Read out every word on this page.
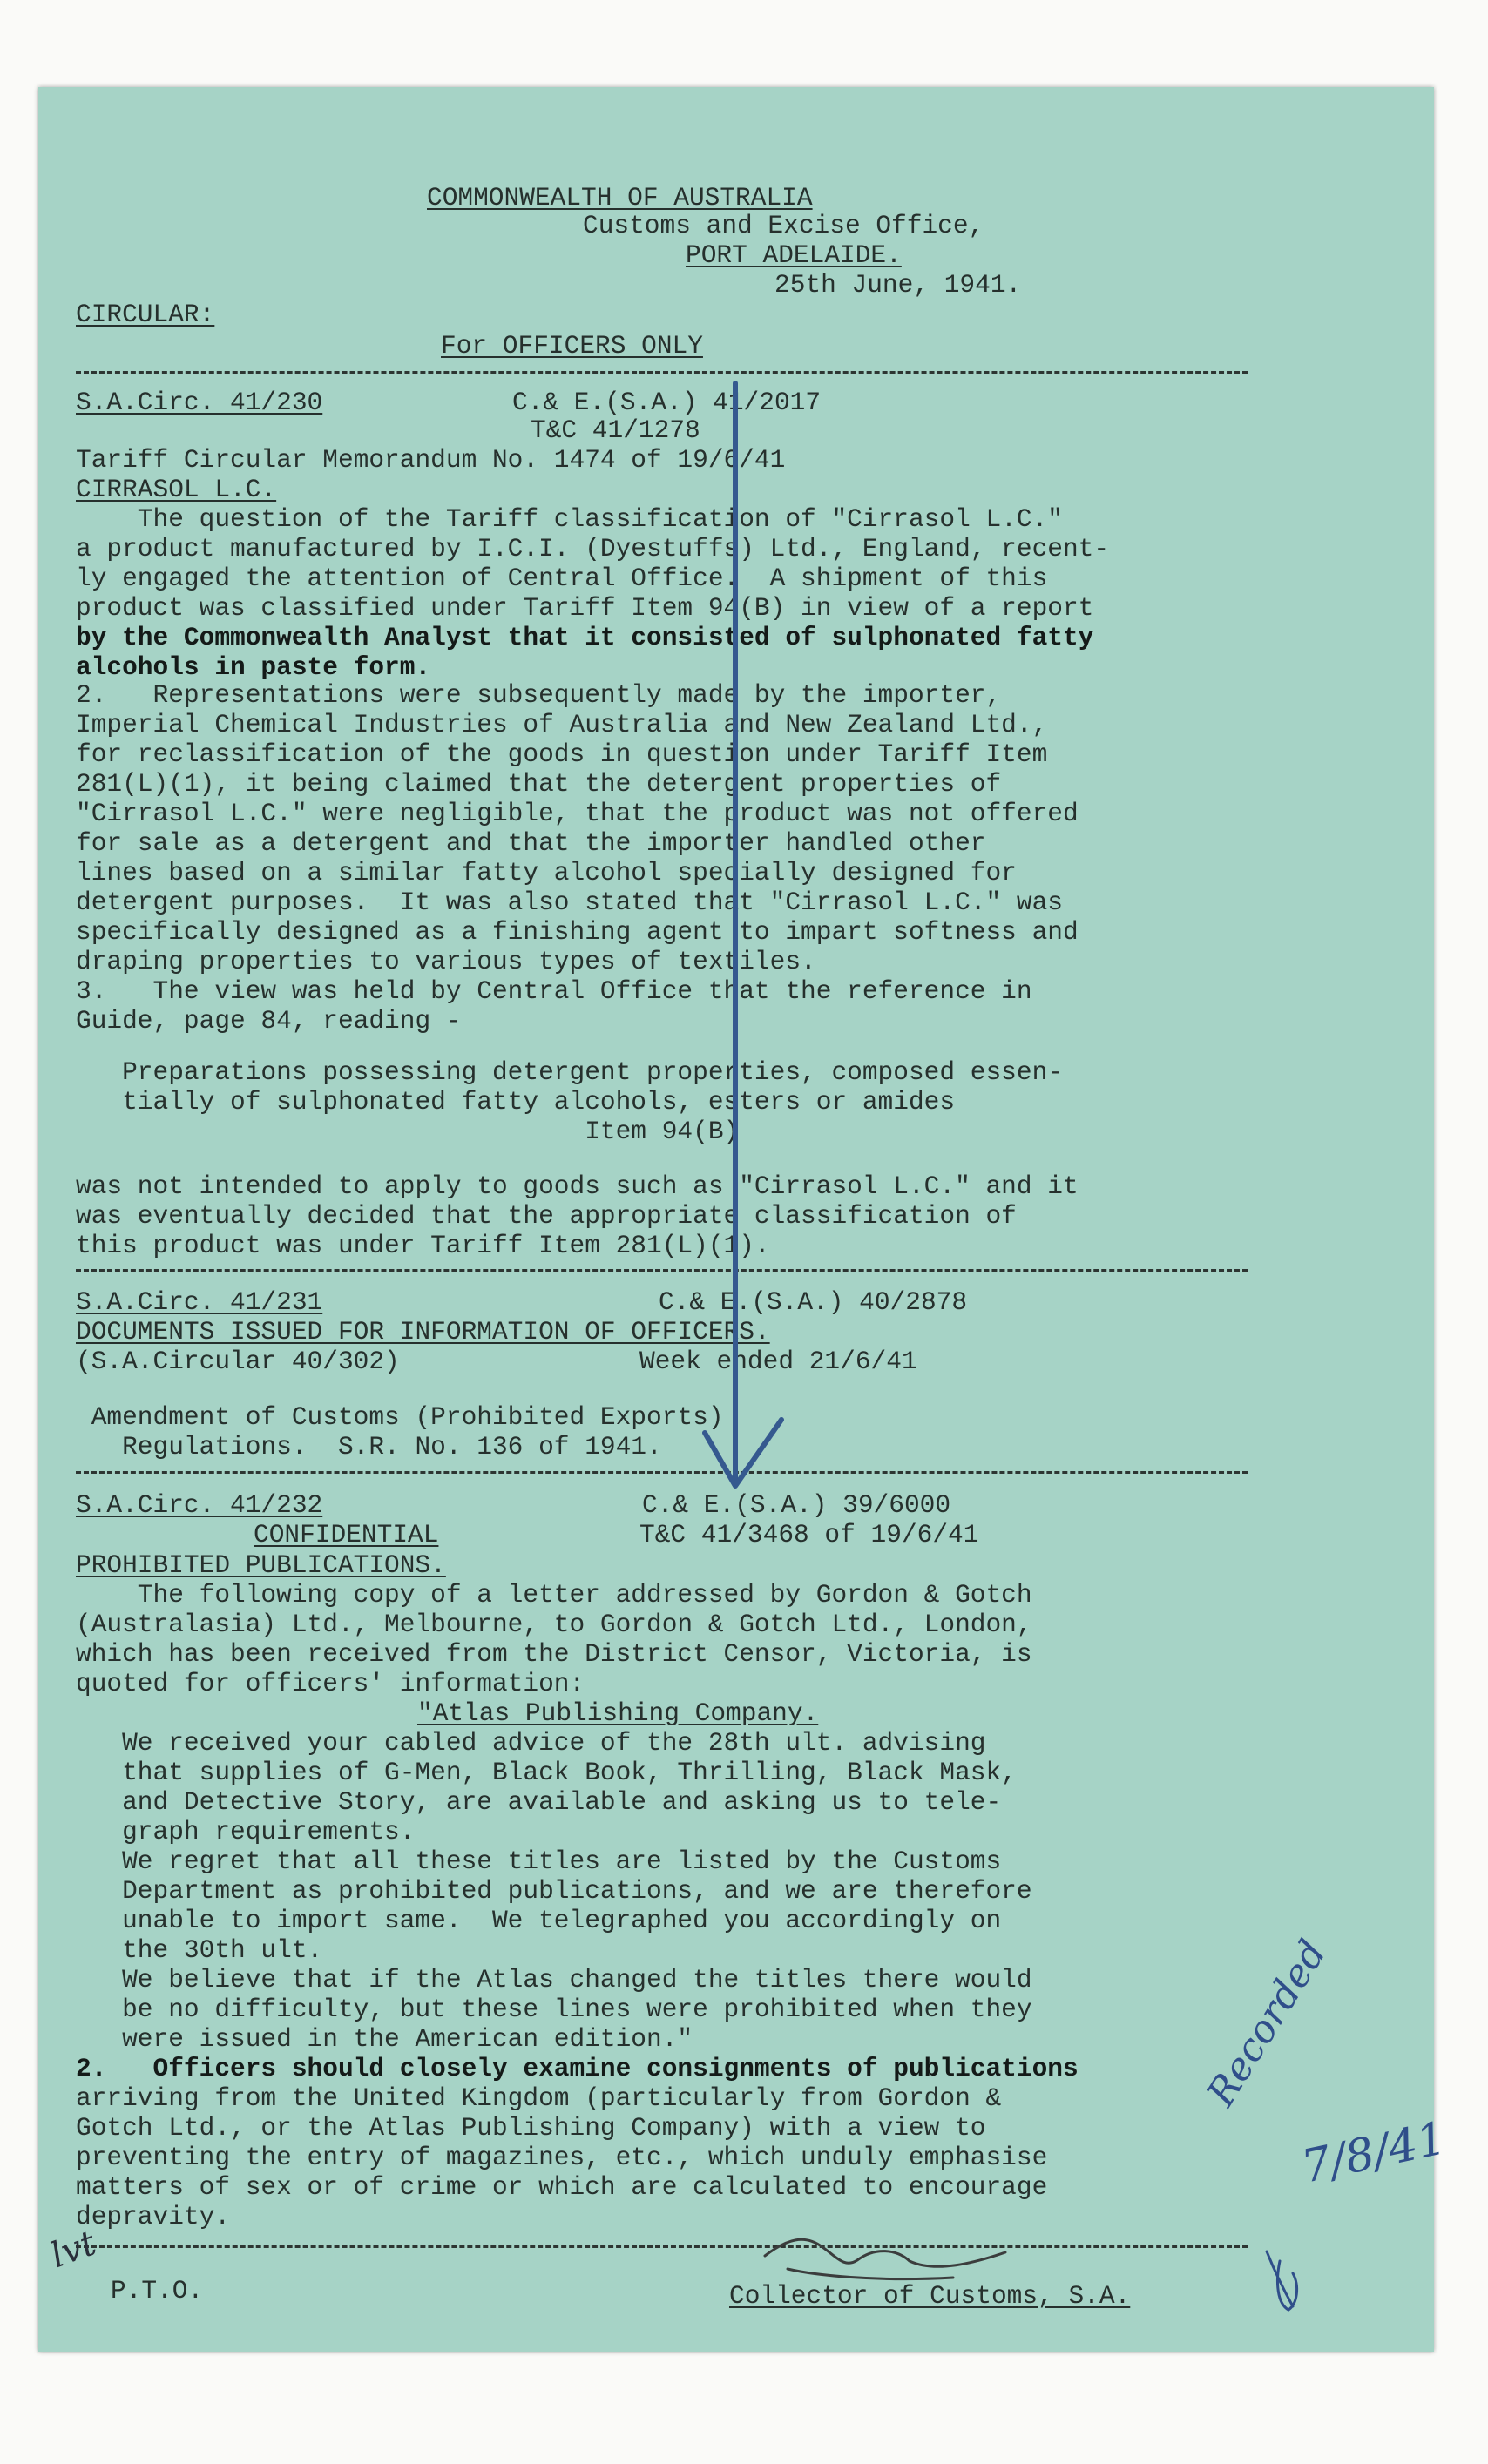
COMMONWEALTH OF AUSTRALIA
Customs and Excise Office,
PORT ADELAIDE.
25th June, 1941.
CIRCULAR:
For OFFICERS ONLY
S.A.Circ. 41/230	C.& E.(S.A.) 41/2017
T&C 41/1278
Tariff Circular Memorandum No. 1474 of 19/6/41
CIRRASOL L.C.
The question of the Tariff classification of "Cirrasol L.C."
a product manufactured by I.C.I. (Dyestuffs) Ltd., England, recent-
ly engaged the attention of Central Office.  A shipment of this
product was classified under Tariff Item 94(B) in view of a report
by the Commonwealth Analyst that it consisted of sulphonated fatty
alcohols in paste form.
2.   Representations were subsequently made by the importer,
Imperial Chemical Industries of Australia and New Zealand Ltd.,
for reclassification of the goods in question under Tariff Item
281(L)(1), it being claimed that the detergent properties of
"Cirrasol L.C." were negligible, that the product was not offered
for sale as a detergent and that the importer handled other
lines based on a similar fatty alcohol specially designed for
detergent purposes.  It was also stated that "Cirrasol L.C." was
specifically designed as a finishing agent to impart softness and
draping properties to various types of textiles.
3.   The view was held by Central Office that the reference in
Guide, page 84, reading -
Preparations possessing detergent properties, composed essen-
tially of sulphonated fatty alcohols, esters or amides
Item 94(B)
was not intended to apply to goods such as "Cirrasol L.C." and it
was eventually decided that the appropriate classification of
this product was under Tariff Item 281(L)(1).
S.A.Circ. 41/231	C.& E.(S.A.) 40/2878
DOCUMENTS ISSUED FOR INFORMATION OF OFFICERS.
(S.A.Circular 40/302)	Week ended 21/6/41
Amendment of Customs (Prohibited Exports)
Regulations.  S.R. No. 136 of 1941.
S.A.Circ. 41/232	C.& E.(S.A.) 39/6000
CONFIDENTIAL	T&C 41/3468 of 19/6/41
PROHIBITED PUBLICATIONS.
The following copy of a letter addressed by Gordon & Gotch
(Australasia) Ltd., Melbourne, to Gordon & Gotch Ltd., London,
which has been received from the District Censor, Victoria, is
quoted for officers' information:
"Atlas Publishing Company.
We received your cabled advice of the 28th ult. advising
that supplies of G-Men, Black Book, Thrilling, Black Mask,
and Detective Story, are available and asking us to tele-
graph requirements.
We regret that all these titles are listed by the Customs
Department as prohibited publications, and we are therefore
unable to import same.  We telegraphed you accordingly on
the 30th ult.
We believe that if the Atlas changed the titles there would
be no difficulty, but these lines were prohibited when they
were issued in the American edition."
2.   Officers should closely examine consignments of publications
arriving from the United Kingdom (particularly from Gordon &
Gotch Ltd., or the Atlas Publishing Company) with a view to
preventing the entry of magazines, etc., which unduly emphasise
matters of sex or of crime or which are calculated to encourage
depravity.
P.T.O.	Collector of Customs, S.A.
Recorded
7/8/41
lvt
